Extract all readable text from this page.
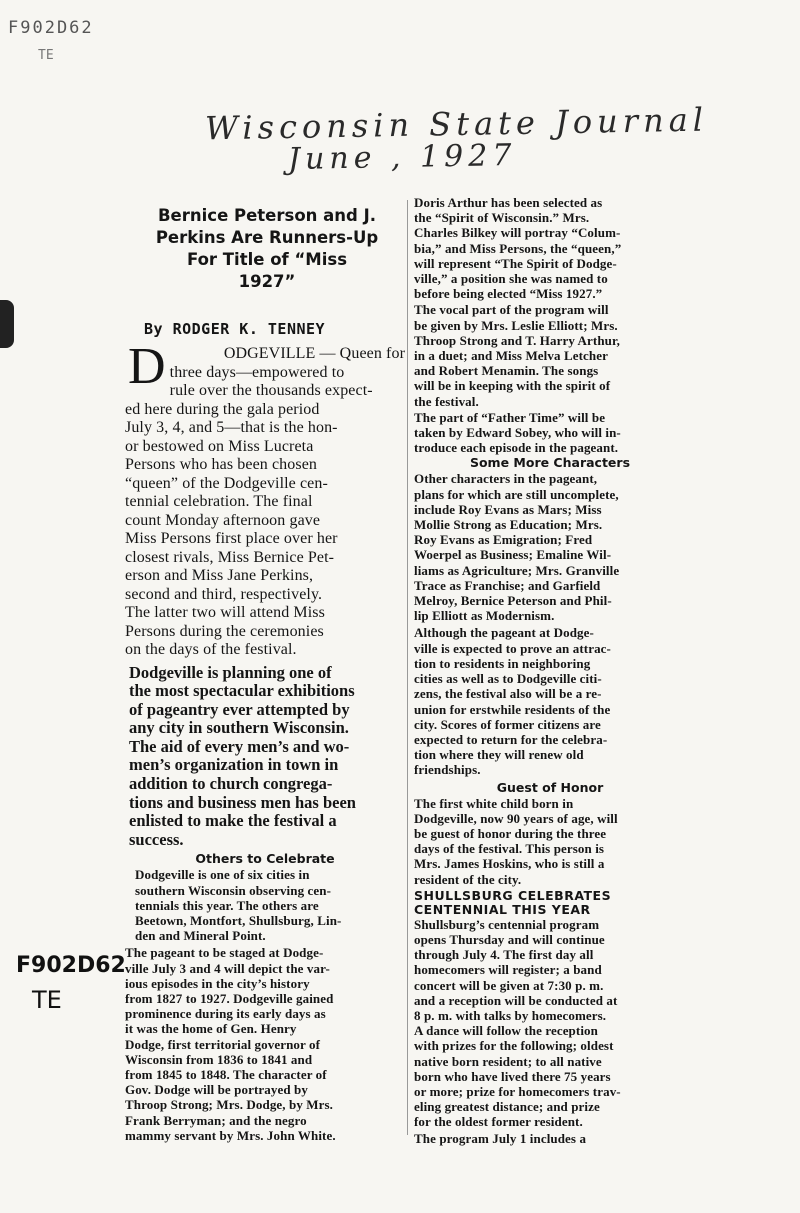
F902D62
TE
Wisconsin State Journal
June , 1927
F902D62
TE
Bernice Peterson and J.
Perkins Are Runners-Up
For Title of “Miss
1927”
By RODGER K. TENNEY
D	ODGEVILLE — Queen for
three days—empowered to
rule over the thousands expect-
ed here during the gala period
July 3, 4, and 5—that is the hon-
or bestowed on Miss Lucreta
Persons who has been chosen
“queen” of the Dodgeville cen-
tennial celebration. The final
count Monday afternoon gave
Miss Persons first place over her
closest rivals, Miss Bernice Pet-
erson and Miss Jane Perkins,
second and third, respectively.
The latter two will attend Miss
Persons during the ceremonies
on the days of the festival.
Dodgeville is planning one of
the most spectacular exhibitions
of pageantry ever attempted by
any city in southern Wisconsin.
The aid of every men’s and wo-
men’s organization in town in
addition to church congrega-
tions and business men has been
enlisted to make the festival a
success.
Others to Celebrate
Dodgeville is one of six cities in
southern Wisconsin observing cen-
tennials this year. The others are
Beetown, Montfort, Shullsburg, Lin-
den and Mineral Point.
The pageant to be staged at Dodge-
ville July 3 and 4 will depict the var-
ious episodes in the city’s history
from 1827 to 1927. Dodgeville gained
prominence during its early days as
it was the home of Gen. Henry
Dodge, first territorial governor of
Wisconsin from 1836 to 1841 and
from 1845 to 1848. The character of
Gov. Dodge will be portrayed by
Throop Strong; Mrs. Dodge, by Mrs.
Frank Berryman; and the negro
mammy servant by Mrs. John White.
Doris Arthur has been selected as
the “Spirit of Wisconsin.” Mrs.
Charles Bilkey will portray “Colum-
bia,” and Miss Persons, the “queen,”
will represent “The Spirit of Dodge-
ville,” a position she was named to
before being elected “Miss 1927.”
The vocal part of the program will
be given by Mrs. Leslie Elliott; Mrs.
Throop Strong and T. Harry Arthur,
in a duet; and Miss Melva Letcher
and Robert Menamin. The songs
will be in keeping with the spirit of
the festival.
The part of “Father Time” will be
taken by Edward Sobey, who will in-
troduce each episode in the pageant.
Some More Characters
Other characters in the pageant,
plans for which are still uncomplete,
include Roy Evans as Mars; Miss
Mollie Strong as Education; Mrs.
Roy Evans as Emigration; Fred
Woerpel as Business; Emaline Wil-
liams as Agriculture; Mrs. Granville
Trace as Franchise; and Garfield
Melroy, Bernice Peterson and Phil-
lip Elliott as Modernism.
Although the pageant at Dodge-
ville is expected to prove an attrac-
tion to residents in neighboring
cities as well as to Dodgeville citi-
zens, the festival also will be a re-
union for erstwhile residents of the
city. Scores of former citizens are
expected to return for the celebra-
tion where they will renew old
friendships.
Guest of Honor
The first white child born in
Dodgeville, now 90 years of age, will
be guest of honor during the three
days of the festival. This person is
Mrs. James Hoskins, who is still a
resident of the city.
SHULLSBURG CELEBRATES
CENTENNIAL THIS YEAR
Shullsburg’s centennial program
opens Thursday and will continue
through July 4. The first day all
homecomers will register; a band
concert will be given at 7:30 p. m.
and a reception will be conducted at
8 p. m. with talks by homecomers.
A dance will follow the reception
with prizes for the following; oldest
native born resident; to all native
born who have lived there 75 years
or more; prize for homecomers trav-
eling greatest distance; and prize
for the oldest former resident.
The program July 1 includes a
